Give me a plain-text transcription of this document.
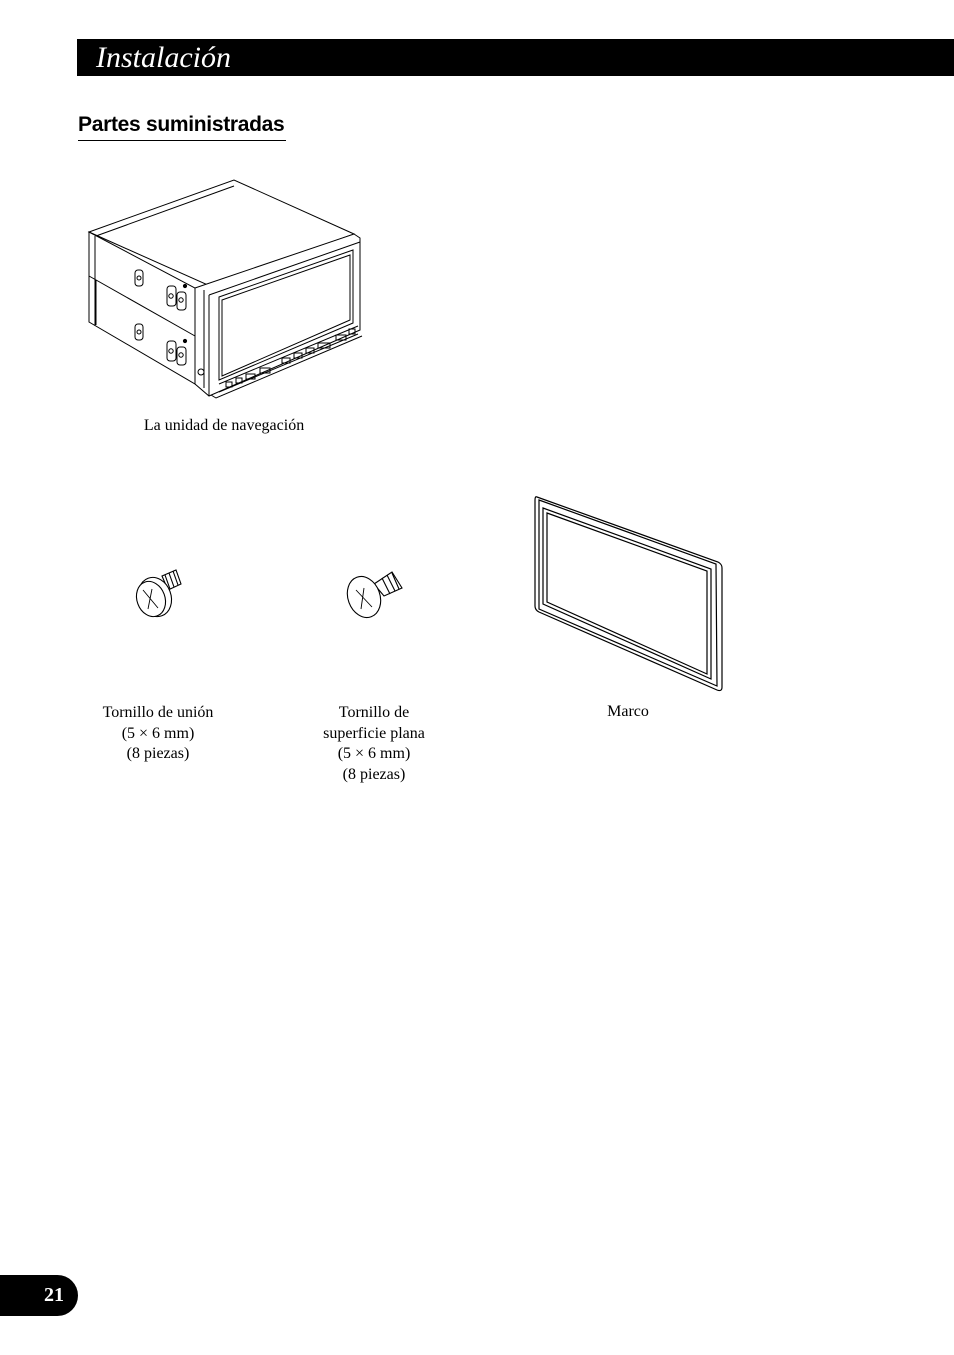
Instalación
Partes suministradas
La unidad de navegación
Tornillo de unión
(5 × 6 mm)
(8 piezas)
Tornillo de
superficie plana
(5 × 6 mm)
(8 piezas)
Marco
21
